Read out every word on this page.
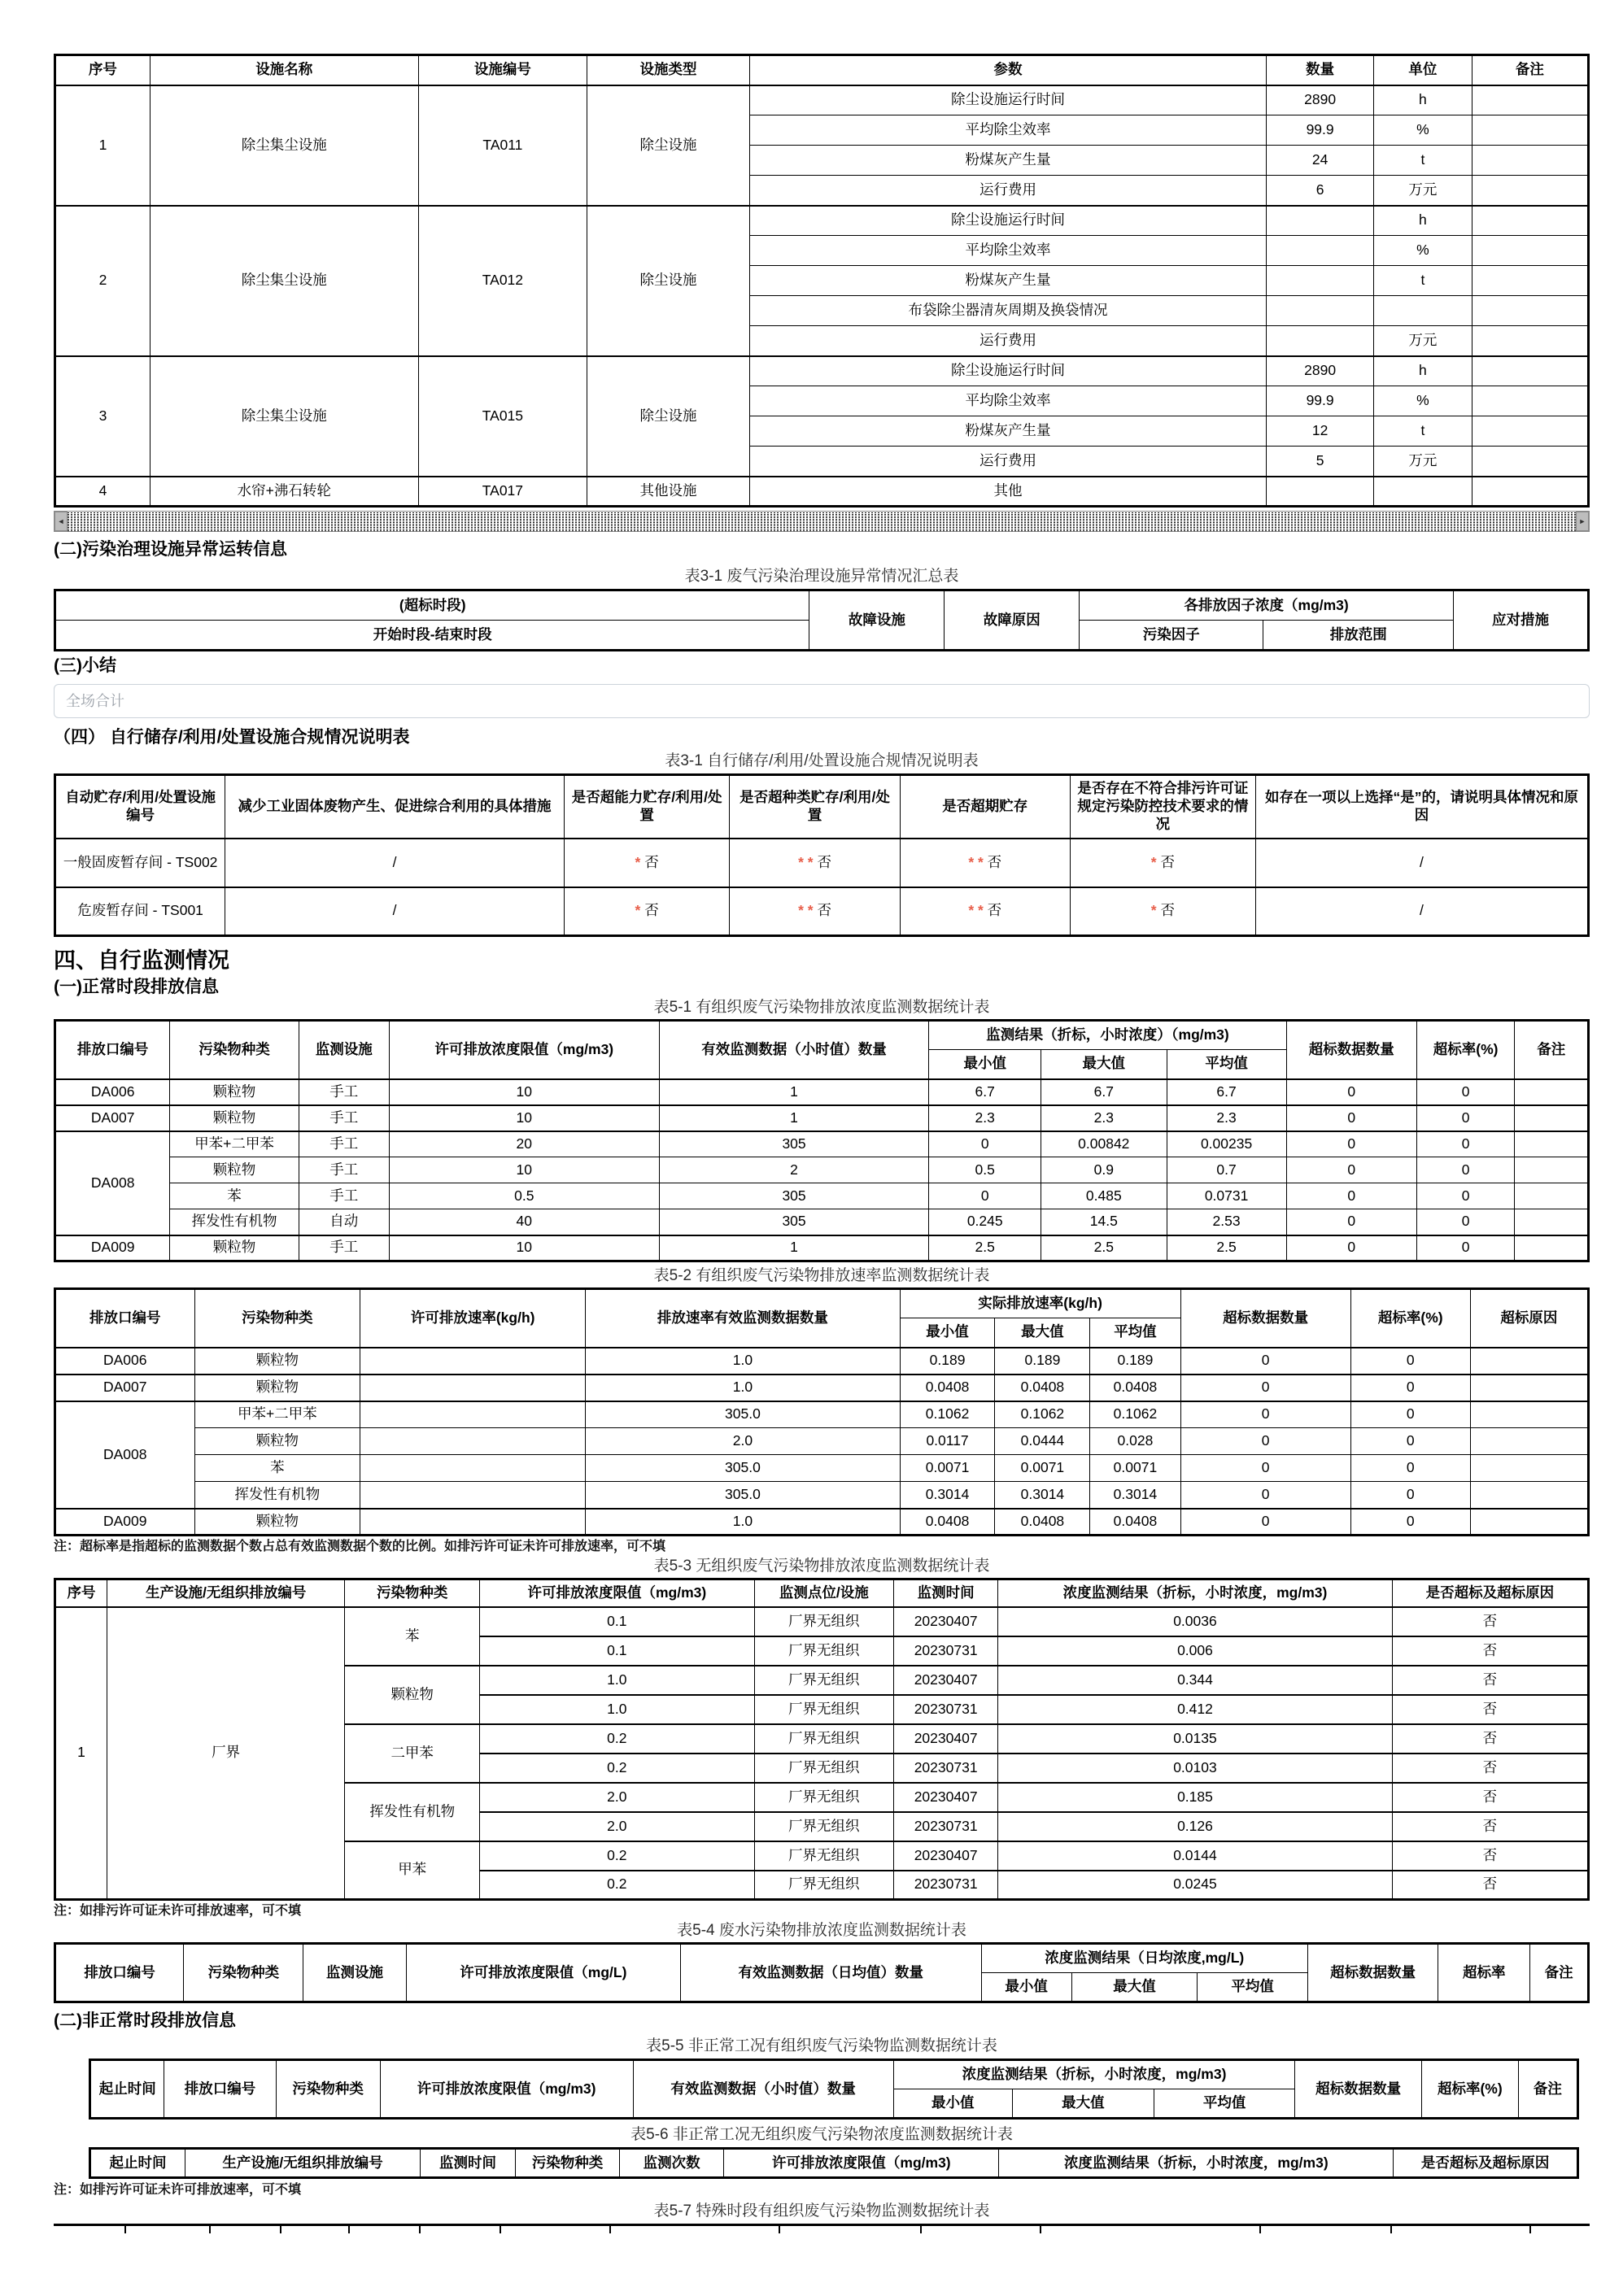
序号	设施名称	设施编号	设施类型	参数	数量	单位	备注
1	除尘集尘设施	TA011	除尘设施	除尘设施运行时间	2890	h	
				平均除尘效率	99.9	%	
				粉煤灰产生量	24	t	
				运行费用	6	万元	
2	除尘集尘设施	TA012	除尘设施	除尘设施运行时间		h	
				平均除尘效率		%	
				粉煤灰产生量		t	
				布袋除尘器清灰周期及换袋情况			
				运行费用		万元	
3	除尘集尘设施	TA015	除尘设施	除尘设施运行时间	2890	h	
				平均除尘效率	99.9	%	
				粉煤灰产生量	12	t	
				运行费用	5	万元	
4	水帘+沸石转轮	TA017	其他设施	其他			
◄	►
(二)污染治理设施异常运转信息
表3-1 废气污染治理设施异常情况汇总表
(超标时段)	故障设施	故障原因	各排放因子浓度（mg/m3)		应对措施
开始时段-结束时段			污染因子	排放范围	
(三)小结
全场合计
（四） 自行储存/利用/处置设施合规情况说明表
表3-1 自行储存/利用/处置设施合规情况说明表
自动贮存/利用/处置设施编号	减少工业固体废物产生、促进综合利用的具体措施	是否超能力贮存/利用/处置	是否超种类贮存/利用/处置	是否超期贮存	是否存在不符合排污许可证规定污染防控技术要求的情况	如存在一项以上选择“是”的，请说明具体情况和原因
一般固废暂存间 - TS002	/	* 否	* * 否	* * 否	* 否	/
危废暂存间 - TS001	/	* 否	* * 否	* * 否	* 否	/
四、自行监测情况
(一)正常时段排放信息
表5-1 有组织废气污染物排放浓度监测数据统计表
排放口编号	污染物种类	监测设施	许可排放浓度限值（mg/m3)	有效监测数据（小时值）数量	监测结果（折标，小时浓度）（mg/m3)			超标数据数量	超标率(%)	备注
					最小值	最大值	平均值			
DA006	颗粒物	手工	10	1	6.7	6.7	6.7	0	0	
DA007	颗粒物	手工	10	1	2.3	2.3	2.3	0	0	
DA008	甲苯+二甲苯	手工	20	305	0	0.00842	0.00235	0	0	
	颗粒物	手工	10	2	0.5	0.9	0.7	0	0	
	苯	手工	0.5	305	0	0.485	0.0731	0	0	
	挥发性有机物	自动	40	305	0.245	14.5	2.53	0	0	
DA009	颗粒物	手工	10	1	2.5	2.5	2.5	0	0	
表5-2 有组织废气污染物排放速率监测数据统计表
排放口编号	污染物种类	许可排放速率(kg/h)	排放速率有效监测数据数量	实际排放速率(kg/h)			超标数据数量	超标率(%)	超标原因
				最小值	最大值	平均值			
DA006	颗粒物		1.0	0.189	0.189	0.189	0	0	
DA007	颗粒物		1.0	0.0408	0.0408	0.0408	0	0	
DA008	甲苯+二甲苯		305.0	0.1062	0.1062	0.1062	0	0	
	颗粒物		2.0	0.0117	0.0444	0.028	0	0	
	苯		305.0	0.0071	0.0071	0.0071	0	0	
	挥发性有机物		305.0	0.3014	0.3014	0.3014	0	0	
DA009	颗粒物		1.0	0.0408	0.0408	0.0408	0	0	
注：超标率是指超标的监测数据个数占总有效监测数据个数的比例。如排污许可证未许可排放速率，可不填
表5-3 无组织废气污染物排放浓度监测数据统计表
序号	生产设施/无组织排放编号	污染物种类	许可排放浓度限值（mg/m3)	监测点位/设施	监测时间	浓度监测结果（折标，小时浓度，mg/m3)	是否超标及超标原因
1	厂界	苯	0.1	厂界无组织	20230407	0.0036	否
			0.1	厂界无组织	20230731	0.006	否
		颗粒物	1.0	厂界无组织	20230407	0.344	否
			1.0	厂界无组织	20230731	0.412	否
		二甲苯	0.2	厂界无组织	20230407	0.0135	否
			0.2	厂界无组织	20230731	0.0103	否
		挥发性有机物	2.0	厂界无组织	20230407	0.185	否
			2.0	厂界无组织	20230731	0.126	否
		甲苯	0.2	厂界无组织	20230407	0.0144	否
			0.2	厂界无组织	20230731	0.0245	否
注：如排污许可证未许可排放速率，可不填
表5-4 废水污染物排放浓度监测数据统计表
排放口编号	污染物种类	监测设施	许可排放浓度限值（mg/L)	有效监测数据（日均值）数量	浓度监测结果（日均浓度,mg/L)			超标数据数量	超标率	备注
					最小值	最大值	平均值			
(二)非正常时段排放信息
表5-5 非正常工况有组织废气污染物监测数据统计表
起止时间	排放口编号	污染物种类	许可排放浓度限值（mg/m3)	有效监测数据（小时值）数量	浓度监测结果（折标，小时浓度，mg/m3)			超标数据数量	超标率(%)	备注
					最小值	最大值	平均值			
表5-6 非正常工况无组织废气污染物浓度监测数据统计表
起止时间	生产设施/无组织排放编号	监测时间	污染物种类	监测次数	许可排放浓度限值（mg/m3)	浓度监测结果（折标，小时浓度，mg/m3)	是否超标及超标原因
注：如排污许可证未许可排放速率，可不填
表5-7 特殊时段有组织废气污染物监测数据统计表
